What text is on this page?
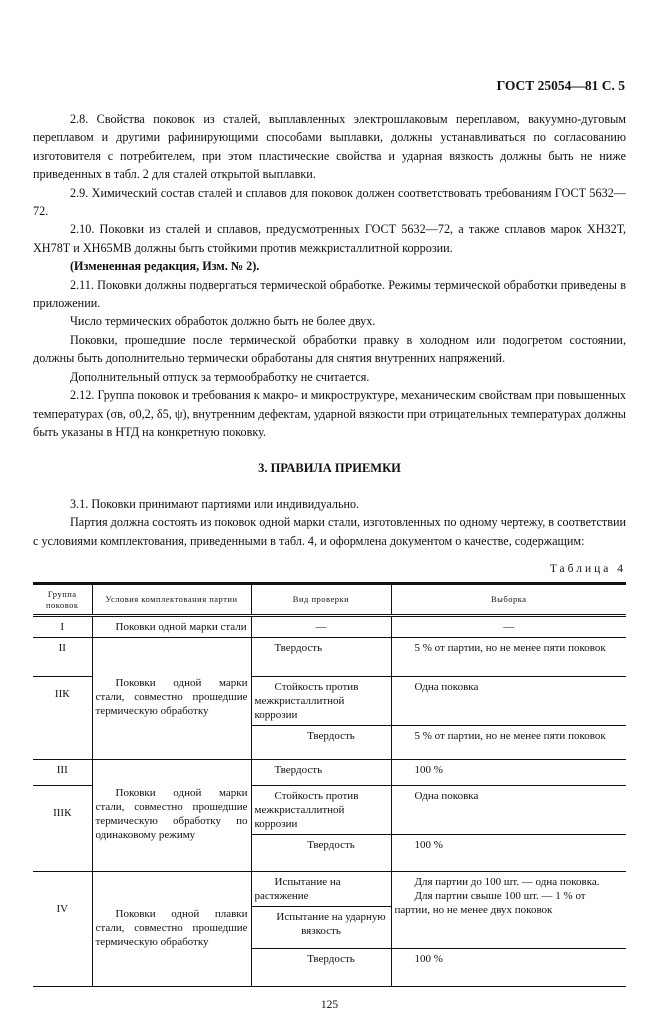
ГОСТ 25054—81 С. 5

2.8. Свойства поковок из сталей, выплавленных электрошлаковым переплавом, вакуумно-дуговым переплавом и другими рафинирующими способами выплавки, должны устанавливаться по согласованию изготовителя с потребителем, при этом пластические свойства и ударная вязкость должны быть не ниже приведенных в табл. 2 для сталей открытой выплавки.

2.9. Химический состав сталей и сплавов для поковок должен соответствовать требованиям ГОСТ 5632—72.

2.10. Поковки из сталей и сплавов, предусмотренных ГОСТ 5632—72, а также сплавов марок ХН32Т, ХН78Т и ХН65МВ должны быть стойкими против межкристаллитной коррозии.

(Измененная редакция, Изм. № 2).

2.11. Поковки должны подвергаться термической обработке. Режимы термической обработки приведены в приложении.

Число термических обработок должно быть не более двух.

Поковки, прошедшие после термической обработки правку в холодном или подогретом состоянии, должны быть дополнительно термически обработаны для снятия внутренних напряжений.

Дополнительный отпуск за термообработку не считается.

2.12. Группа поковок и требования к макро- и микроструктуре, механическим свойствам при повышенных температурах (σв, σ0,2, δ5, ψ), внутренним дефектам, ударной вязкости при отрицательных температурах должны быть указаны в НТД на конкретную поковку.

3. ПРАВИЛА ПРИЕМКИ

3.1. Поковки принимают партиями или индивидуально.

Партия должна состоять из поковок одной марки стали, изготовленных по одному чертежу, в соответствии с условиями комплектования, приведенными в табл. 4, и оформлена документом о качестве, содержащим:

Таблица 4

Группа поковок	Условия комплектования партии	Вид проверки	Выборка
I	Поковки одной марки стали	—	—
II	Поковки одной марки стали, совместно прошедшие термическую обработку	Твердость	5 % от партии, но не менее пяти поковок
IIК		Стойкость против межкристаллитной коррозии	Одна поковка
		Твердость	5 % от партии, но не менее пяти поковок
III	Поковки одной марки стали, совместно прошедшие термическую обработку по одинаковому режиму	Твердость	100 %
IIIК		Стойкость против межкристаллитной коррозии	Одна поковка
		Твердость	100 %
IV	Поковки одной плавки стали, совместно прошедшие термическую обработку	Испытание на растяжение	Для партии до 100 шт. — одна поковка.
Для партии свыше 100 шт. — 1 % от партии, но не менее двух поковок

		Испытание на ударную вязкость	
		Твердость	100 %
125
